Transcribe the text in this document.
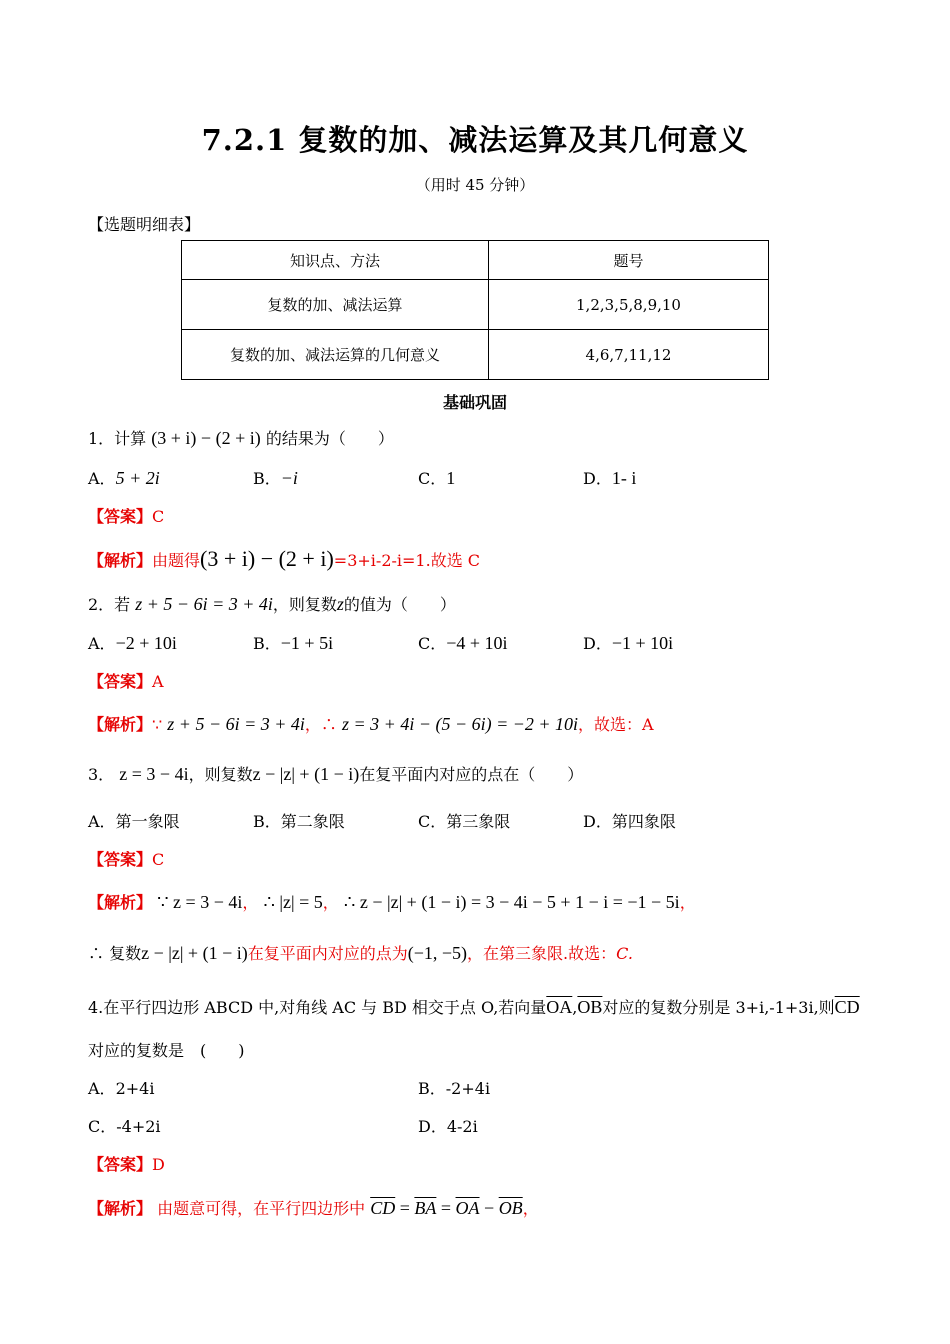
7.2.1 复数的加、减法运算及其几何意义
（用时 45 分钟）
【选题明细表】
知识点、方法	题号
复数的加、减法运算	1,2,3,5,8,9,10
复数的加、减法运算的几何意义	4,6,7,11,12
基础巩固
1．计算 (3 + i) − (2 + i) 的结果为（　　）
A．5 + 2i	B．−i	C．1	D．1- i
【答案】C
【解析】由题得(3 + i) − (2 + i)=3+i-2-i=1.故选 C
2．若 z + 5 − 6i = 3 + 4i，则复数z的值为（　　）
A．−2 + 10i	B．−1 + 5i	C．−4 + 10i	D．−1 + 10i
【答案】A
【解析】∵ z + 5 − 6i = 3 + 4i，∴ z = 3 + 4i − (5 − 6i) = −2 + 10i，故选：A
3． z = 3 − 4i，则复数z − |z| + (1 − i)在复平面内对应的点在（　　）
A．第一象限	B．第二象限	C．第三象限	D．第四象限
【答案】C
【解析】 ∵ z = 3 − 4i， ∴ |z| = 5， ∴ z − |z| + (1 − i) = 3 − 4i − 5 + 1 − i = −1 − 5i，
∴ 复数z − |z| + (1 − i)在复平面内对应的点为(−1, −5)，在第三象限.故选：C.
4.在平行四边形 ABCD 中,对角线 AC 与 BD 相交于点 O,若向量$\overline{OA},\overline{OB}$对应的复数分别是 3+i,-1+3i,则$\overline{CD}$
对应的复数是　(　　)
A．2+4i	B．-2+4i
C．-4+2i	D．4-2i
【答案】D
【解析】 由题意可得，在平行四边形中 $\overline{CD} = \overline{BA} = \overline{OA} - \overline{OB}$，
